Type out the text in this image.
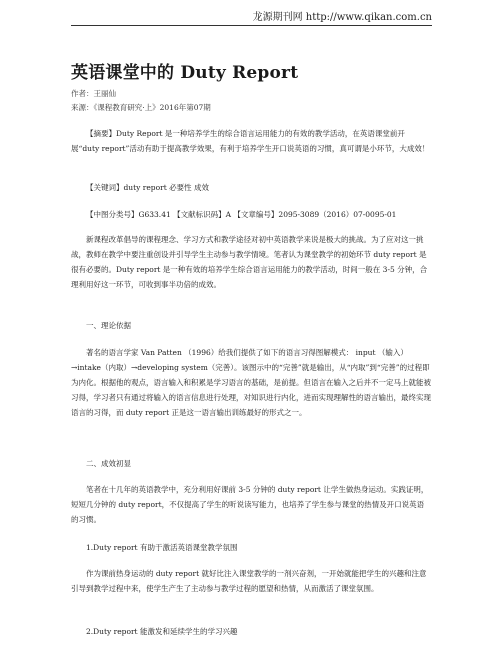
龙源期刊网 http://www.qikan.com.cn
英语课堂中的 Duty Report
作者：王丽仙
来源：《课程教育研究·上》2016年第07期

【摘要】Duty Report 是一种培养学生的综合语言运用能力的有效的教学活动，在英语课堂前开展“duty report”活动有助于提高教学效果，有利于培养学生开口说英语的习惯，真可谓是小环节，大成效！

【关键词】duty report 必要性 成效

【中图分类号】G633.41 【文献标识码】A 【文章编号】2095-3089（2016）07-0095-01

新课程改革倡导的课程理念、学习方式和教学途径对初中英语教学来说是极大的挑战。为了应对这一挑战，教师在教学中要注重创设并引导学生主动参与教学情境。笔者认为课堂教学的初始环节 duty report 是很有必要的。Duty report 是一种有效的培养学生综合语言运用能力的教学活动，时间一般在 3-5 分钟，合理利用好这一环节，可收到事半功倍的成效。

一、理论依据

著名的语言学家 Van Patten （1996）给我们提供了如下的语言习得图解模式： input （输入）→intake（内取）→developing system（完善）。该图示中的“完善”就是输出，从“内取”到“完善”的过程即为内化。根据他的观点，语言输入和积累是学习语言的基础，是前提。但语言在输入之后并不一定马上就能被习得，学习者只有通过将输入的语言信息进行处理，对知识进行内化，进而实现理解性的语言输出，最终实现语言的习得，而 duty report 正是这一语言输出训练最好的形式之一。

二、成效初显

笔者在十几年的英语教学中，充分利用好课前 3-5 分钟的 duty report 让学生做热身运动。实践证明，短短几分钟的 duty report，不仅提高了学生的听说读写能力，也培养了学生参与课堂的热情及开口说英语的习惯。

1.Duty report 有助于激活英语课堂教学氛围

作为课前热身运动的 duty report 就好比注入课堂教学的一剂兴奋剂，一开始就能把学生的兴趣和注意引导到教学过程中来，使学生产生了主动参与教学过程的愿望和热情，从而激活了课堂氛围。

2.Duty report 能激发和延续学生的学习兴趣
